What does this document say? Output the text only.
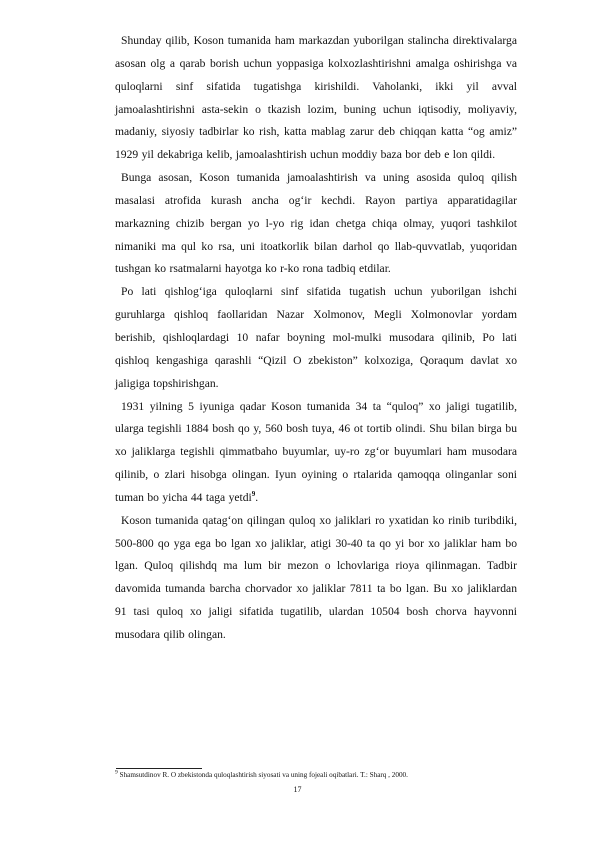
Shunday qilib, Koson tumanida ham markazdan yuborilgan stalincha direktivalarga asosan olg a qarab borish uchun yoppasiga kolxozlashtirishni amalga oshirishga va quloqlarni sinf sifatida tugatishga kirishildi. Vaholanki, ikki yil avval jamoalashtirishni asta-sekin o tkazish lozim, buning uchun iqtisodiy, moliyaviy, madaniy, siyosiy tadbirlar ko rish, katta mablag zarur deb chiqqan katta “og amiz” 1929 yil dekabriga kelib, jamoalashtirish uchun moddiy baza bor deb e lon qildi.

Bunga asosan, Koson tumanida jamoalashtirish va uning asosida quloq qilish masalasi atrofida kurash ancha og‘ir kechdi. Rayon partiya apparatidagilar markazning chizib bergan yo l-yo rig idan chetga chiqa olmay, yuqori tashkilot nimaniki ma qul ko rsa, uni itoatkorlik bilan darhol qo llab-quvvatlab, yuqoridan tushgan ko rsatmalarni hayotga ko r-ko rona tadbiq etdilar.

Po lati qishlog‘iga quloqlarni sinf sifatida tugatish uchun yuborilgan ishchi guruhlarga qishloq faollaridan Nazar Xolmonov, Megli Xolmonovlar yordam berishib, qishloqlardagi 10 nafar boyning mol-mulki musodara qilinib, Po lati qishloq kengashiga qarashli “Qizil O zbekiston” kolxoziga, Qoraqum davlat xo jaligiga topshirishgan.

1931 yilning 5 iyuniga qadar Koson tumanida 34 ta “quloq” xo jaligi tugatilib, ularga tegishli 1884 bosh qo y, 560 bosh tuya, 46 ot tortib olindi. Shu bilan birga bu xo jaliklarga tegishli qimmatbaho buyumlar, uy-ro zg‘or buyumlari ham musodara qilinib, o zlari hisobga olingan. Iyun oyining o rtalarida qamoqqa olinganlar soni tuman bo yicha 44 taga yetdi$^9$.

Koson tumanida qatag‘on qilingan quloq xo jaliklari ro yxatidan ko rinib turibdiki, 500-800 qo yga ega bo lgan xo jaliklar, atigi 30-40 ta qo yi bor xo jaliklar ham bo lgan. Quloq qilishdq ma lum bir mezon o lchovlariga rioya qilinmagan. Tadbir davomida tumanda barcha chorvador xo jaliklar 7811 ta bo lgan. Bu xo jaliklardan 91 tasi quloq xo jaligi sifatida tugatilib, ulardan 10504 bosh chorva hayvonni musodara qilib olingan.

$^9$ Shamsutdinov R. O zbekistonda quloqlashtirish siyosati va uning fojeali oqibatlari. T.: Sharq , 2000.
17
